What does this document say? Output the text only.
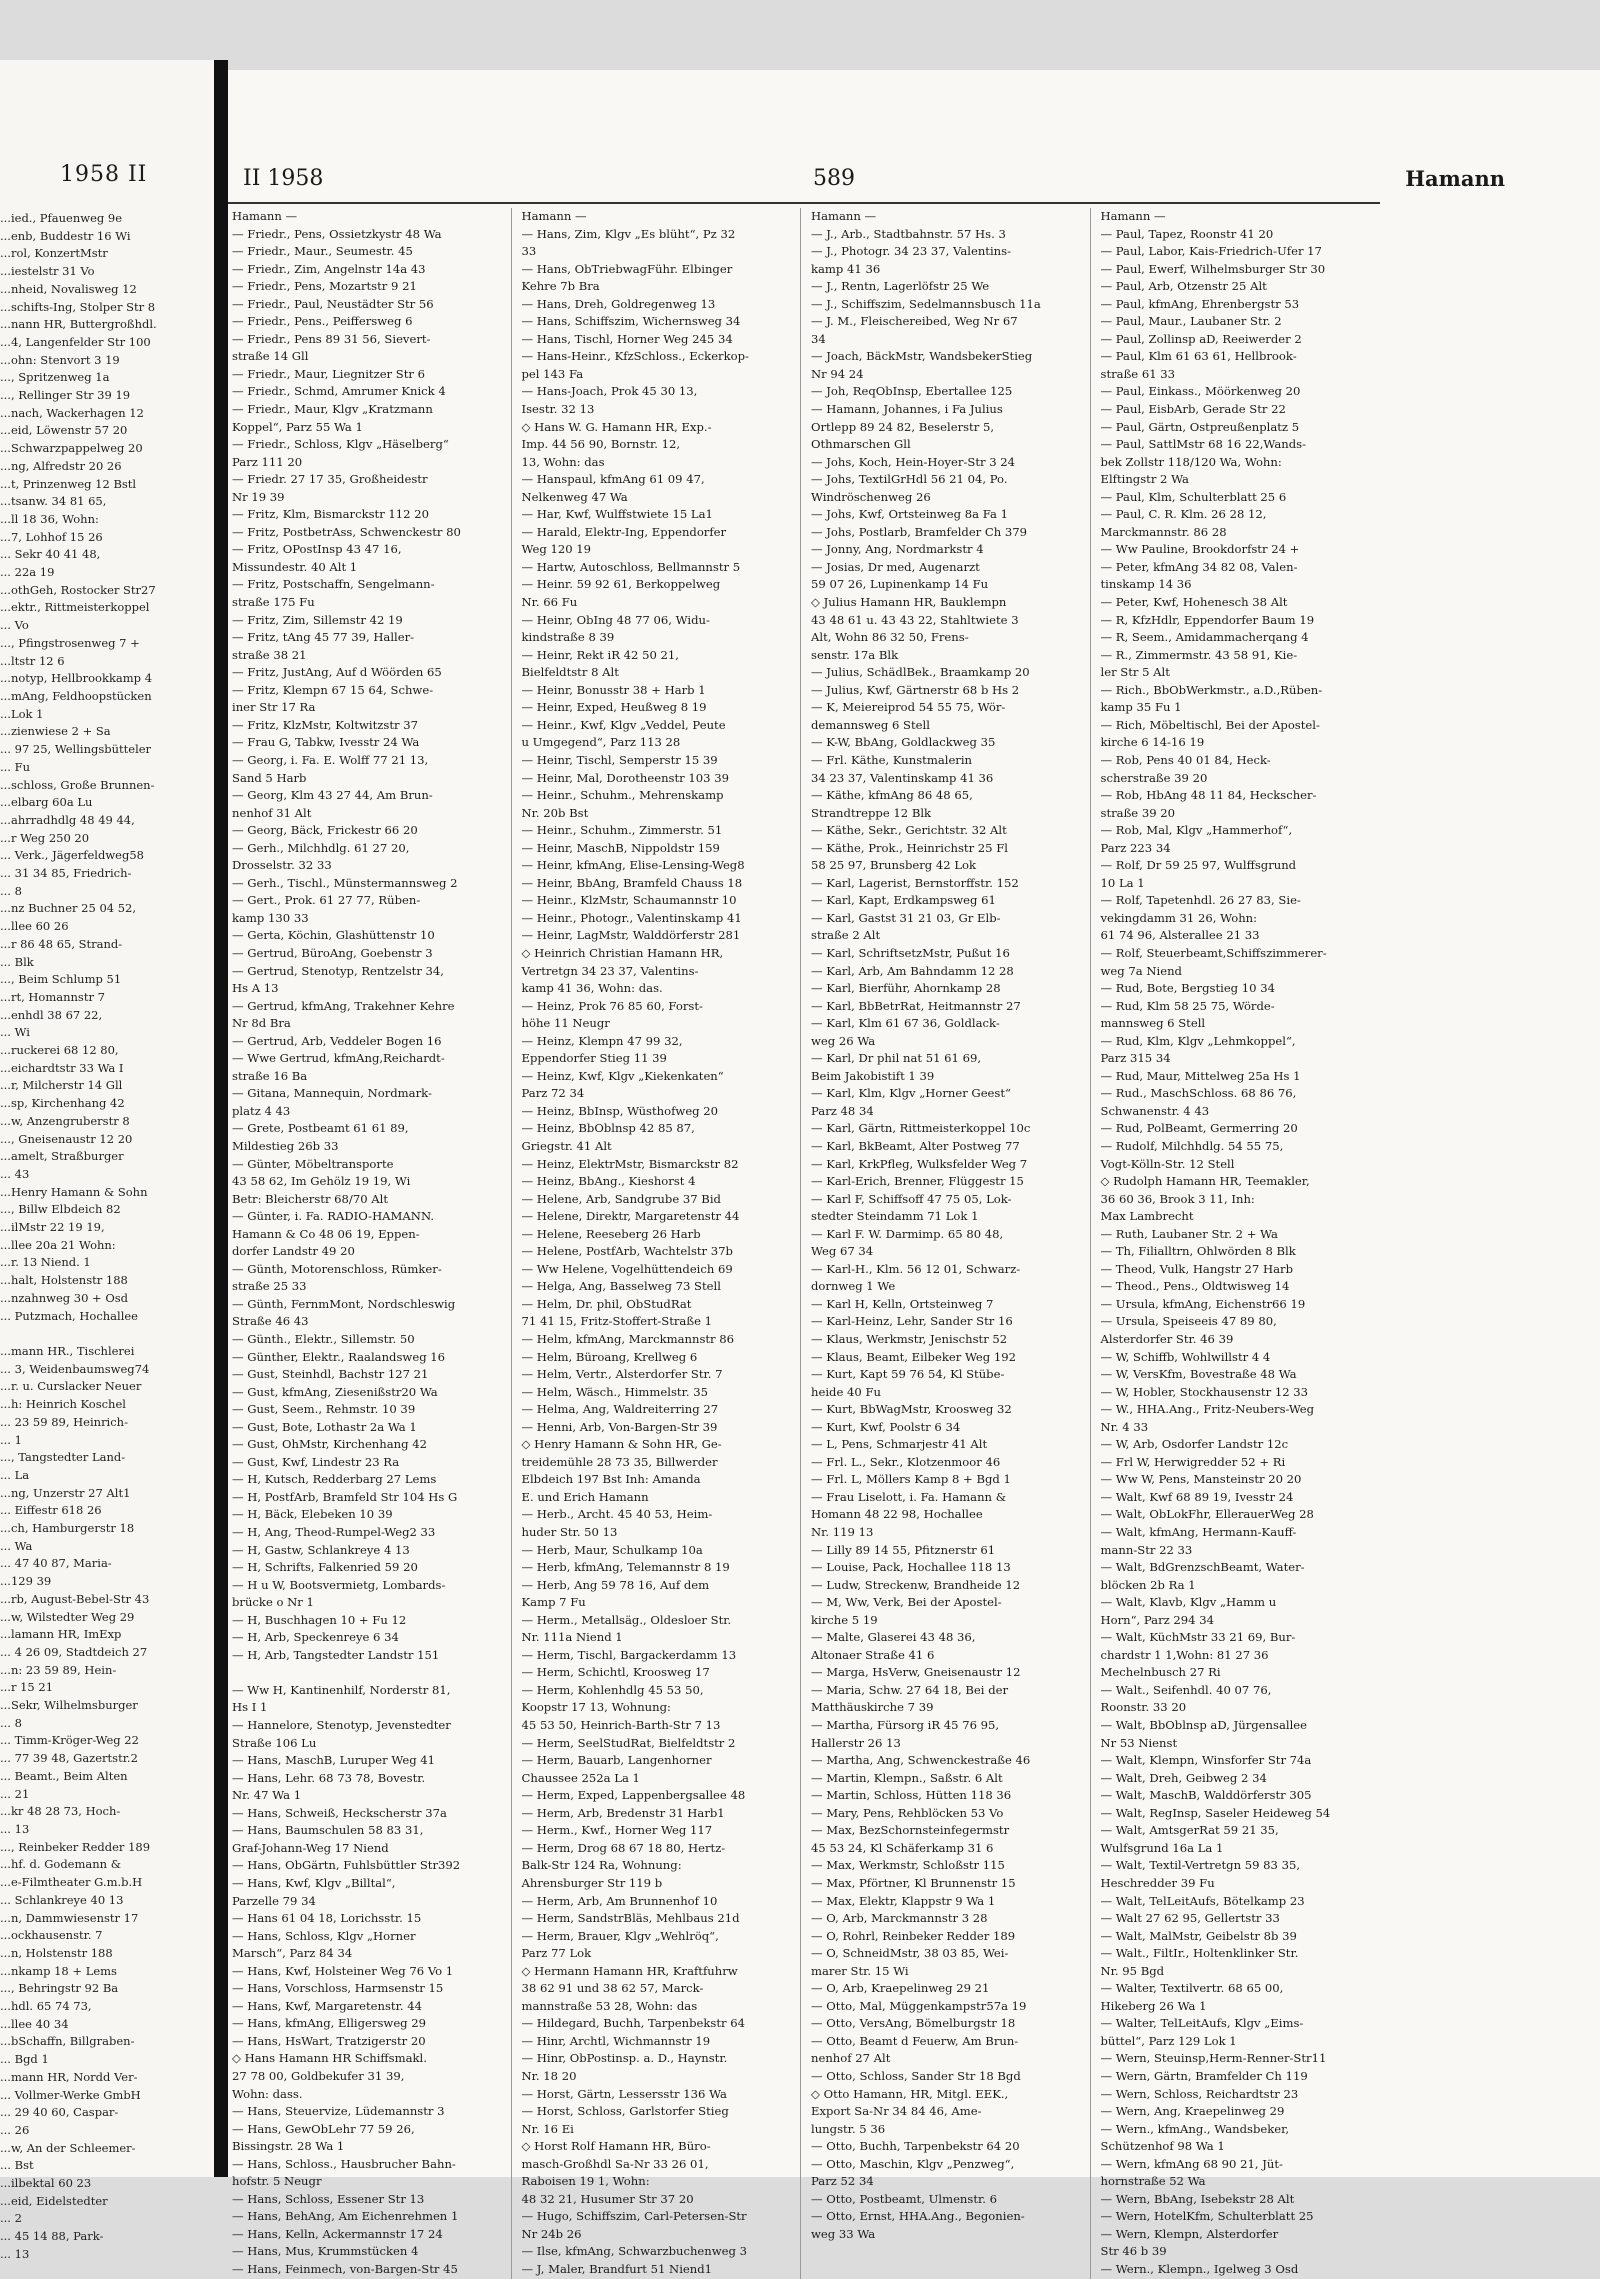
1958 II
...ied., Pfauenweg 9e
...enb, Buddestr 16 Wi
...rol, KonzertMstr
...iestelstr 31 Vo
...nheid, Novalisweg 12
...schifts-Ing, Stolper Str 8
...nann HR, Buttergroßhdl.
...4, Langenfelder Str 100
...ohn: Stenvort 3 19
..., Spritzenweg 1a
..., Rellinger Str 39 19
...nach, Wackerhagen 12
...eid, Löwenstr 57 20
...Schwarzpappelweg 20
...ng, Alfredstr 20 26
...t, Prinzenweg 12 Bstl
...tsanw. 34 81 65,
...ll 18 36, Wohn:
...7, Lohhof 15 26
... Sekr 40 41 48,
... 22a 19
...othGeh, Rostocker Str27
...ektr., Rittmeisterkoppel
... Vo
..., Pfingstrosenweg 7 +
...ltstr 12 6
...notyp, Hellbrookkamp 4
...mAng, Feldhoopstücken
...Lok 1
...zienwiese 2 + Sa
... 97 25, Wellingsbütteler
... Fu
...schloss, Große Brunnen-
...elbarg 60a Lu
...ahrradhdlg 48 49 44,
...r Weg 250 20
... Verk., Jägerfeldweg58
... 31 34 85, Friedrich-
... 8
...nz Buchner 25 04 52,
...llee 60 26
...r 86 48 65, Strand-
... Blk
..., Beim Schlump 51
...rt, Homannstr 7
...enhdl 38 67 22,
... Wi
...ruckerei 68 12 80,
...eichardtstr 33 Wa I
...r, Milcherstr 14 Gll
...sp, Kirchenhang 42
...w, Anzengruberstr 8
..., Gneisenaustr 12 20
...amelt, Straßburger
... 43
...Henry Hamann & Sohn
..., Billw Elbdeich 82
...ilMstr 22 19 19,
...llee 20a 21 Wohn:
...r. 13 Niend. 1
...halt, Holstenstr 188
...nzahnweg 30 + Osd
... Putzmach, Hochallee

...mann HR., Tischlerei
... 3, Weidenbaumsweg74
...r. u. Curslacker Neuer
...h: Heinrich Koschel
... 23 59 89, Heinrich-
... 1
..., Tangstedter Land-
... La
...ng, Unzerstr 27 Alt1
... Eiffestr 618 26
...ch, Hamburgerstr 18
... Wa
... 47 40 87, Maria-
...129 39
...rb, August-Bebel-Str 43
...w, Wilstedter Weg 29
...lamann HR, ImExp
... 4 26 09, Stadtdeich 27
...n: 23 59 89, Hein-
...r 15 21
...Sekr, Wilhelmsburger
... 8
... Timm-Kröger-Weg 22
... 77 39 48, Gazertstr.2
... Beamt., Beim Alten
... 21
...kr 48 28 73, Hoch-
... 13
..., Reinbeker Redder 189
...hf. d. Godemann &
...e-Filmtheater G.m.b.H
... Schlankreye 40 13
...n, Dammwiesenstr 17
...ockhausenstr. 7
...n, Holstenstr 188
...nkamp 18 + Lems
..., Behringstr 92 Ba
...hdl. 65 74 73,
...llee 40 34
...bSchaffn, Billgraben-
... Bgd 1
...mann HR, Nordd Ver-
... Vollmer-Werke GmbH
... 29 40 60, Caspar-
... 26
...w, An der Schleemer-
... Bst
...ilbektal 60 23
...eid, Eidelstedter
... 2
... 45 14 88, Park-
... 13
II 1958	589	Hamann
Hamann —
— Friedr., Pens, Ossietzkystr 48 Wa
— Friedr., Maur., Seumestr. 45
— Friedr., Zim, Angelnstr 14a 43
— Friedr., Pens, Mozartstr 9 21
— Friedr., Paul, Neustädter Str 56
— Friedr., Pens., Peiffersweg 6
— Friedr., Pens 89 31 56, Sievert-
straße 14 Gll
— Friedr., Maur, Liegnitzer Str 6
— Friedr., Schmd, Amrumer Knick 4
— Friedr., Maur, Klgv „Kratzmann
Koppel“, Parz 55 Wa 1
— Friedr., Schloss, Klgv „Häselberg“
Parz 111 20
— Friedr. 27 17 35, Großheidestr
Nr 19 39
— Fritz, Klm, Bismarckstr 112 20
— Fritz, PostbetrAss, Schwenckestr 80
— Fritz, OPostInsp 43 47 16,
Missundestr. 40 Alt 1
— Fritz, Postschaffn, Sengelmann-
straße 175 Fu
— Fritz, Zim, Sillemstr 42 19
— Fritz, tAng 45 77 39, Haller-
straße 38 21
— Fritz, JustAng, Auf d Wöörden 65
— Fritz, Klempn 67 15 64, Schwe-
iner Str 17 Ra
— Fritz, KlzMstr, Koltwitzstr 37
— Frau G, Tabkw, Ivesstr 24 Wa
— Georg, i. Fa. E. Wolff 77 21 13,
Sand 5 Harb
— Georg, Klm 43 27 44, Am Brun-
nenhof 31 Alt
— Georg, Bäck, Frickestr 66 20
— Gerh., Milchhdlg. 61 27 20,
Drosselstr. 32 33
— Gerh., Tischl., Münstermannsweg 2
— Gert., Prok. 61 27 77, Rüben-
kamp 130 33
— Gerta, Köchin, Glashüttenstr 10
— Gertrud, BüroAng, Goebenstr 3
— Gertrud, Stenotyp, Rentzelstr 34,
Hs A 13
— Gertrud, kfmAng, Trakehner Kehre
Nr 8d Bra
— Gertrud, Arb, Veddeler Bogen 16
— Wwe Gertrud, kfmAng,Reichardt-
straße 16 Ba
— Gitana, Mannequin, Nordmark-
platz 4 43
— Grete, Postbeamt 61 61 89,
Mildestieg 26b 33
— Günter, Möbeltransporte
43 58 62, Im Gehölz 19 19, Wi
Betr: Bleicherstr 68/70 Alt
— Günter, i. Fa. RADIO-HAMANN.
Hamann & Co 48 06 19, Eppen-
dorfer Landstr 49 20
— Günth, Motorenschloss, Rümker-
straße 25 33
— Günth, FernmMont, Nordschleswig
Straße 46 43
— Günth., Elektr., Sillemstr. 50
— Günther, Elektr., Raalandsweg 16
— Gust, Steinhdl, Bachstr 127 21
— Gust, kfmAng, Ziesenißstr20 Wa
— Gust, Seem., Rehmstr. 10 39
— Gust, Bote, Lothastr 2a Wa 1
— Gust, OhMstr, Kirchenhang 42
— Gust, Kwf, Lindestr 23 Ra
— H, Kutsch, Redderbarg 27 Lems
— H, PostfArb, Bramfeld Str 104 Hs G
— H, Bäck, Elebeken 10 39
— H, Ang, Theod-Rumpel-Weg2 33
— H, Gastw, Schlankreye 4 13
— H, Schrifts, Falkenried 59 20
— H u W, Bootsvermietg, Lombards-
brücke o Nr 1
— H, Buschhagen 10 + Fu 12
— H, Arb, Speckenreye 6 34
— H, Arb, Tangstedter Landstr 151

— Ww H, Kantinenhilf, Norderstr 81,
Hs I 1
— Hannelore, Stenotyp, Jevenstedter
Straße 106 Lu
— Hans, MaschB, Luruper Weg 41
— Hans, Lehr. 68 73 78, Bovestr.
Nr. 47 Wa 1
— Hans, Schweiß, Heckscherstr 37a
— Hans, Baumschulen 58 83 31,
Graf-Johann-Weg 17 Niend
— Hans, ObGärtn, Fuhlsbüttler Str392
— Hans, Kwf, Klgv „Billtal“,
Parzelle 79 34
— Hans 61 04 18, Lorichsstr. 15
— Hans, Schloss, Klgv „Horner
Marsch“, Parz 84 34
— Hans, Kwf, Holsteiner Weg 76 Vo 1
— Hans, Vorschloss, Harmsenstr 15
— Hans, Kwf, Margaretenstr. 44
— Hans, kfmAng, Elligersweg 29
— Hans, HsWart, Tratzigerstr 20
◇ Hans Hamann HR Schiffsmakl.
27 78 00, Goldbekufer 31 39,
Wohn: dass.
— Hans, Steuervize, Lüdemannstr 3
— Hans, GewObLehr 77 59 26,
Bissingstr. 28 Wa 1
— Hans, Schloss., Hausbrucher Bahn-
hofstr. 5 Neugr
— Hans, Schloss, Essener Str 13
— Hans, BehAng, Am Eichenrehmen 1
— Hans, Kelln, Ackermannstr 17 24
— Hans, Mus, Krummstücken 4
— Hans, Feinmech, von-Bargen-Str 45
Hamann —
— Hans, Zim, Klgv „Es blüht“, Pz 32
33
— Hans, ObTriebwagFühr. Elbinger
Kehre 7b Bra
— Hans, Dreh, Goldregenweg 13
— Hans, Schiffszim, Wichernsweg 34
— Hans, Tischl, Horner Weg 245 34
— Hans-Heinr., KfzSchloss., Eckerkop-
pel 143 Fa
— Hans-Joach, Prok 45 30 13,
Isestr. 32 13
◇ Hans W. G. Hamann HR, Exp.-
Imp. 44 56 90, Bornstr. 12,
13, Wohn: das
— Hanspaul, kfmAng 61 09 47,
Nelkenweg 47 Wa
— Har, Kwf, Wulffstwiete 15 La1
— Harald, Elektr-Ing, Eppendorfer
Weg 120 19
— Hartw, Autoschloss, Bellmannstr 5
— Heinr. 59 92 61, Berkoppelweg
Nr. 66 Fu
— Heinr, ObIng 48 77 06, Widu-
kindstraße 8 39
— Heinr, Rekt iR 42 50 21,
Bielfeldtstr 8 Alt
— Heinr, Bonusstr 38 + Harb 1
— Heinr, Exped, Heußweg 8 19
— Heinr., Kwf, Klgv „Veddel, Peute
u Umgegend“, Parz 113 28
— Heinr, Tischl, Semperstr 15 39
— Heinr, Mal, Dorotheenstr 103 39
— Heinr., Schuhm., Mehrenskamp
Nr. 20b Bst
— Heinr., Schuhm., Zimmerstr. 51
— Heinr, MaschB, Nippoldstr 159
— Heinr, kfmAng, Elise-Lensing-Weg8
— Heinr, BbAng, Bramfeld Chauss 18
— Heinr., KlzMstr, Schaumannstr 10
— Heinr., Photogr., Valentinskamp 41
— Heinr, LagMstr, Walddörferstr 281
◇ Heinrich Christian Hamann HR,
Vertretgn 34 23 37, Valentins-
kamp 41 36, Wohn: das.
— Heinz, Prok 76 85 60, Forst-
höhe 11 Neugr
— Heinz, Klempn 47 99 32,
Eppendorfer Stieg 11 39
— Heinz, Kwf, Klgv „Kiekenkaten“
Parz 72 34
— Heinz, BbInsp, Wüsthofweg 20
— Heinz, BbOblnsp 42 85 87,
Griegstr. 41 Alt
— Heinz, ElektrMstr, Bismarckstr 82
— Heinz, BbAng., Kieshorst 4
— Helene, Arb, Sandgrube 37 Bid
— Helene, Direktr, Margaretenstr 44
— Helene, Reeseberg 26 Harb
— Helene, PostfArb, Wachtelstr 37b
— Ww Helene, Vogelhüttendeich 69
— Helga, Ang, Basselweg 73 Stell
— Helm, Dr. phil, ObStudRat
71 41 15, Fritz-Stoffert-Straße 1
— Helm, kfmAng, Marckmannstr 86
— Helm, Büroang, Krellweg 6
— Helm, Vertr., Alsterdorfer Str. 7
— Helm, Wäsch., Himmelstr. 35
— Helma, Ang, Waldreiterring 27
— Henni, Arb, Von-Bargen-Str 39
◇ Henry Hamann & Sohn HR, Ge-
treidemühle 28 73 35, Billwerder
Elbdeich 197 Bst Inh: Amanda
E. und Erich Hamann
— Herb., Archt. 45 40 53, Heim-
huder Str. 50 13
— Herb, Maur, Schulkamp 10a
— Herb, kfmAng, Telemannstr 8 19
— Herb, Ang 59 78 16, Auf dem
Kamp 7 Fu
— Herm., Metallsäg., Oldesloer Str.
Nr. 111a Niend 1
— Herm, Tischl, Bargackerdamm 13
— Herm, Schichtl, Kroosweg 17
— Herm, Kohlenhdlg 45 53 50,
Koopstr 17 13, Wohnung:
45 53 50, Heinrich-Barth-Str 7 13
— Herm, SeelStudRat, Bielfeldtstr 2
— Herm, Bauarb, Langenhorner
Chaussee 252a La 1
— Herm, Exped, Lappenbergsallee 48
— Herm, Arb, Bredenstr 31 Harb1
— Herm., Kwf., Horner Weg 117
— Herm, Drog 68 67 18 80, Hertz-
Balk-Str 124 Ra, Wohnung:
Ahrensburger Str 119 b
— Herm, Arb, Am Brunnenhof 10
— Herm, SandstrBläs, Mehlbaus 21d
— Herm, Brauer, Klgv „Wehlröq“,
Parz 77 Lok
◇ Hermann Hamann HR, Kraftfuhrw
38 62 91 und 38 62 57, Marck-
mannstraße 53 28, Wohn: das
— Hildegard, Buchh, Tarpenbekstr 64
— Hinr, Archtl, Wichmannstr 19
— Hinr, ObPostinsp. a. D., Haynstr.
Nr. 18 20
— Horst, Gärtn, Lessersstr 136 Wa
— Horst, Schloss, Garlstorfer Stieg
Nr. 16 Ei
◇ Horst Rolf Hamann HR, Büro-
masch-Großhdl Sa-Nr 33 26 01,
Raboisen 19 1, Wohn:
48 32 21, Husumer Str 37 20
— Hugo, Schiffszim, Carl-Petersen-Str
Nr 24b 26
— Ilse, kfmAng, Schwarzbuchenweg 3
— J, Maler, Brandfurt 51 Niend1
Hamann —
— J., Arb., Stadtbahnstr. 57 Hs. 3
— J., Photogr. 34 23 37, Valentins-
kamp 41 36
— J., Rentn, Lagerlöfstr 25 We
— J., Schiffszim, Sedelmannsbusch 11a
— J. M., Fleischereibed, Weg Nr 67
34
— Joach, BäckMstr, WandsbekerStieg
Nr 94 24
— Joh, ReqObInsp, Ebertallee 125
— Hamann, Johannes, i Fa Julius
Ortlepp 89 24 82, Beselerstr 5,
Othmarschen Gll
— Johs, Koch, Hein-Hoyer-Str 3 24
— Johs, TextilGrHdl 56 21 04, Po.
Windröschenweg 26
— Johs, Kwf, Ortsteinweg 8a Fa 1
— Johs, Postlarb, Bramfelder Ch 379
— Jonny, Ang, Nordmarkstr 4
— Josias, Dr med, Augenarzt
59 07 26, Lupinenkamp 14 Fu
◇ Julius Hamann HR, Bauklempn
43 48 61 u. 43 43 22, Stahltwiete 3
Alt, Wohn 86 32 50, Frens-
senstr. 17a Blk
— Julius, SchädlBek., Braamkamp 20
— Julius, Kwf, Gärtnerstr 68 b Hs 2
— K, Meiereiprod 54 55 75, Wör-
demannsweg 6 Stell
— K-W, BbAng, Goldlackweg 35
— Frl. Käthe, Kunstmalerin
34 23 37, Valentinskamp 41 36
— Käthe, kfmAng 86 48 65,
Strandtreppe 12 Blk
— Käthe, Sekr., Gerichtstr. 32 Alt
— Käthe, Prok., Heinrichstr 25 Fl
58 25 97, Brunsberg 42 Lok
— Karl, Lagerist, Bernstorffstr. 152
— Karl, Kapt, Erdkampsweg 61
— Karl, Gastst 31 21 03, Gr Elb-
straße 2 Alt
— Karl, SchriftsetzMstr, Pußut 16
— Karl, Arb, Am Bahndamm 12 28
— Karl, Bierführ, Ahornkamp 28
— Karl, BbBetrRat, Heitmannstr 27
— Karl, Klm 61 67 36, Goldlack-
weg 26 Wa
— Karl, Dr phil nat 51 61 69,
Beim Jakobistift 1 39
— Karl, Klm, Klgv „Horner Geest“
Parz 48 34
— Karl, Gärtn, Rittmeisterkoppel 10c
— Karl, BkBeamt, Alter Postweg 77
— Karl, KrkPfleg, Wulksfelder Weg 7
— Karl-Erich, Brenner, Flüggestr 15
— Karl F, Schiffsoff 47 75 05, Lok-
stedter Steindamm 71 Lok 1
— Karl F. W. Darmimp. 65 80 48,
Weg 67 34
— Karl-H., Klm. 56 12 01, Schwarz-
dornweg 1 We
— Karl H, Kelln, Ortsteinweg 7
— Karl-Heinz, Lehr, Sander Str 16
— Klaus, Werkmstr, Jenischstr 52
— Klaus, Beamt, Eilbeker Weg 192
— Kurt, Kapt 59 76 54, Kl Stübe-
heide 40 Fu
— Kurt, BbWagMstr, Kroosweg 32
— Kurt, Kwf, Poolstr 6 34
— L, Pens, Schmarjestr 41 Alt
— Frl. L., Sekr., Klotzenmoor 46
— Frl. L, Möllers Kamp 8 + Bgd 1
— Frau Liselott, i. Fa. Hamann &
Homann 48 22 98, Hochallee
Nr. 119 13
— Lilly 89 14 55, Pfitznerstr 61
— Louise, Pack, Hochallee 118 13
— Ludw, Streckenw, Brandheide 12
— M, Ww, Verk, Bei der Apostel-
kirche 5 19
— Malte, Glaserei 43 48 36,
Altonaer Straße 41 6
— Marga, HsVerw, Gneisenaustr 12
— Maria, Schw. 27 64 18, Bei der
Matthäuskirche 7 39
— Martha, Fürsorg iR 45 76 95,
Hallerstr 26 13
— Martha, Ang, Schwenckestraße 46
— Martin, Klempn., Saßstr. 6 Alt
— Martin, Schloss, Hütten 118 36
— Mary, Pens, Rehblöcken 53 Vo
— Max, BezSchornsteinfegermstr
45 53 24, Kl Schäferkamp 31 6
— Max, Werkmstr, Schloßstr 115
— Max, Pförtner, Kl Brunnenstr 15
— Max, Elektr, Klappstr 9 Wa 1
— O, Arb, Marckmannstr 3 28
— O, Rohrl, Reinbeker Redder 189
— O, SchneidMstr, 38 03 85, Wei-
marer Str. 15 Wi
— O, Arb, Kraepelinweg 29 21
— Otto, Mal, Müggenkampstr57a 19
— Otto, VersAng, Bömelburgstr 18
— Otto, Beamt d Feuerw, Am Brun-
nenhof 27 Alt
— Otto, Schloss, Sander Str 18 Bgd
◇ Otto Hamann, HR, Mitgl. EEK.,
Export Sa-Nr 34 84 46, Ame-
lungstr. 5 36
— Otto, Buchh, Tarpenbekstr 64 20
— Otto, Maschin, Klgv „Penzweg“,
Parz 52 34
— Otto, Postbeamt, Ulmenstr. 6
— Otto, Ernst, HHA.Ang., Begonien-
weg 33 Wa
Hamann —
— Paul, Tapez, Roonstr 41 20
— Paul, Labor, Kais-Friedrich-Ufer 17
— Paul, Ewerf, Wilhelmsburger Str 30
— Paul, Arb, Otzenstr 25 Alt
— Paul, kfmAng, Ehrenbergstr 53
— Paul, Maur., Laubaner Str. 2
— Paul, Zollinsp aD, Reeiwerder 2
— Paul, Klm 61 63 61, Hellbrook-
straße 61 33
— Paul, Einkass., Möörkenweg 20
— Paul, EisbArb, Gerade Str 22
— Paul, Gärtn, Ostpreußenplatz 5
— Paul, SattlMstr 68 16 22,Wands-
bek Zollstr 118/120 Wa, Wohn:
Elftingstr 2 Wa
— Paul, Klm, Schulterblatt 25 6
— Paul, C. R. Klm. 26 28 12,
Marckmannstr. 86 28
— Ww Pauline, Brookdorfstr 24 +
— Peter, kfmAng 34 82 08, Valen-
tinskamp 14 36
— Peter, Kwf, Hohenesch 38 Alt
— R, KfzHdlr, Eppendorfer Baum 19
— R, Seem., Amidammacherqang 4
— R., Zimmermstr. 43 58 91, Kie-
ler Str 5 Alt
— Rich., BbObWerkmstr., a.D.,Rüben-
kamp 35 Fu 1
— Rich, Möbeltischl, Bei der Apostel-
kirche 6 14-16 19
— Rob, Pens 40 01 84, Heck-
scherstraße 39 20
— Rob, HbAng 48 11 84, Heckscher-
straße 39 20
— Rob, Mal, Klgv „Hammerhof“,
Parz 223 34
— Rolf, Dr 59 25 97, Wulffsgrund
10 La 1
— Rolf, Tapetenhdl. 26 27 83, Sie-
vekingdamm 31 26, Wohn:
61 74 96, Alsterallee 21 33
— Rolf, Steuerbeamt,Schiffszimmerer-
weg 7a Niend
— Rud, Bote, Bergstieg 10 34
— Rud, Klm 58 25 75, Wörde-
mannsweg 6 Stell
— Rud, Klm, Klgv „Lehmkoppel“,
Parz 315 34
— Rud, Maur, Mittelweg 25a Hs 1
— Rud., MaschSchloss. 68 86 76,
Schwanenstr. 4 43
— Rud, PolBeamt, Germerring 20
— Rudolf, Milchhdlg. 54 55 75,
Vogt-Kölln-Str. 12 Stell
◇ Rudolph Hamann HR, Teemakler,
36 60 36, Brook 3 11, Inh:
Max Lambrecht
— Ruth, Laubaner Str. 2 + Wa
— Th, Filialltrn, Ohlwörden 8 Blk
— Theod, Vulk, Hangstr 27 Harb
— Theod., Pens., Oldtwisweg 14
— Ursula, kfmAng, Eichenstr66 19
— Ursula, Speiseeis 47 89 80,
Alsterdorfer Str. 46 39
— W, Schiffb, Wohlwillstr 4 4
— W, VersKfm, Bovestraße 48 Wa
— W, Hobler, Stockhausenstr 12 33
— W., HHA.Ang., Fritz-Neubers-Weg
Nr. 4 33
— W, Arb, Osdorfer Landstr 12c
— Frl W, Herwigredder 52 + Ri
— Ww W, Pens, Mansteinstr 20 20
— Walt, Kwf 68 89 19, Ivesstr 24
— Walt, ObLokFhr, EllerauerWeg 28
— Walt, kfmAng, Hermann-Kauff-
mann-Str 22 33
— Walt, BdGrenzschBeamt, Water-
blöcken 2b Ra 1
— Walt, Klavb, Klgv „Hamm u
Horn“, Parz 294 34
— Walt, KüchMstr 33 21 69, Bur-
chardstr 1 1,Wohn: 81 27 36
Mechelnbusch 27 Ri
— Walt., Seifenhdl. 40 07 76,
Roonstr. 33 20
— Walt, BbOblnsp aD, Jürgensallee
Nr 53 Nienst
— Walt, Klempn, Winsforfer Str 74a
— Walt, Dreh, Geibweg 2 34
— Walt, MaschB, Walddörferstr 305
— Walt, RegInsp, Saseler Heideweg 54
— Walt, AmtsgerRat 59 21 35,
Wulfsgrund 16a La 1
— Walt, Textil-Vertretgn 59 83 35,
Heschredder 39 Fu
— Walt, TelLeitAufs, Bötelkamp 23
— Walt 27 62 95, Gellertstr 33
— Walt, MalMstr, Geibelstr 8b 39
— Walt., FiltIr., Holtenklinker Str.
Nr. 95 Bgd
— Walter, Textilvertr. 68 65 00,
Hikeberg 26 Wa 1
— Walter, TelLeitAufs, Klgv „Eims-
büttel“, Parz 129 Lok 1
— Wern, Steuinsp,Herm-Renner-Str11
— Wern, Gärtn, Bramfelder Ch 119
— Wern, Schloss, Reichardtstr 23
— Wern, Ang, Kraepelinweg 29
— Wern., kfmAng., Wandsbeker,
Schützenhof 98 Wa 1
— Wern, kfmAng 68 90 21, Jüt-
hornstraße 52 Wa
— Wern, BbAng, Isebekstr 28 Alt
— Wern, HotelKfm, Schulterblatt 25
— Wern, Klempn, Alsterdorfer
Str 46 b 39
— Wern., Klempn., Igelweg 3 Osd
